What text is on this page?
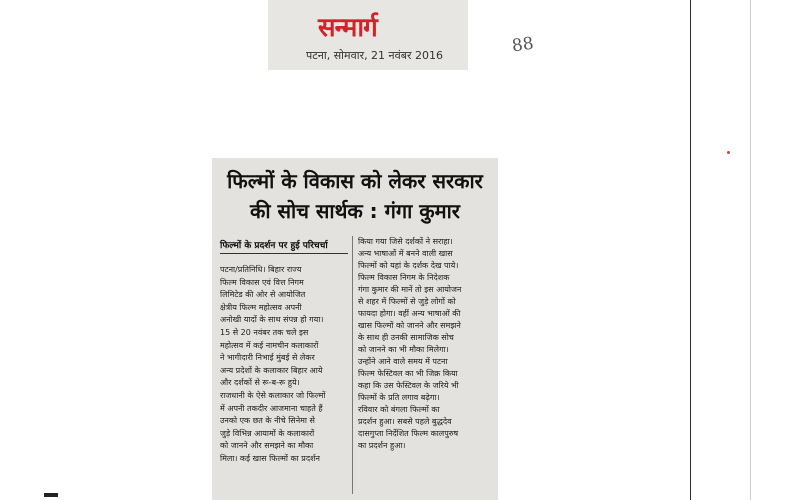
सन्मार्ग
पटना, सोमवार, 21 नवंबर 2016	88
फिल्मों के विकास को लेकर सरकार
की सोच सार्थक : गंगा कुमार
फिल्मों के प्रदर्शन पर हुई परिचर्चा
पटना/प्रतिनिधि। बिहार राज्य
फिल्म विकास एवं वित्त निगम
लिमिटेड की ओर से आयोजित
क्षेत्रीय फिल्म महोत्सव अपनी
अनोखी यादों के साथ संपन्न हो गया।
15 से 20 नवंबर तक चले इस
महोत्सव में कई नामचीन कलाकारों
ने भागीदारी निभाई मुंबई से लेकर
अन्य प्रदेशों के कलाकार बिहार आये
और दर्शकों से रू-ब-रू हुये।
राजधानी के ऐसे कलाकार जो फिल्मों
में अपनी तकदीर आजमाना चाहते हैं
उनको एक छत के नीचे सिनेमा से
जुड़े विभिन्न आयामों के कलाकारों
को जानने और समझने का मौका
मिला। कई खास फिल्मों का प्रदर्शन
किया गया जिसे दर्शकों ने सराहा।
अन्य भाषाओं में बनने वाली खास
फिल्मों को यहां के दर्शक देख पाये।
फिल्म विकास निगम के निदेशक
गंगा कुमार की मानें तो इस आयोजन
से शहर में फिल्मों से जुड़े लोगों को
फायदा होगा। वहीं अन्य भाषाओं की
खास फिल्मों को जानने और समझने
के साथ ही उनकी सामाजिक सोच
को जानने का भी मौका मिलेगा।
उन्होंने आने वाले समय में पटना
फिल्म फेस्टिवल का भी जिक्र किया
कहा कि उस फेस्टिवल के जरिये भी
फिल्मों के प्रति लगाव बढ़ेगा।
रविवार को बंगला फिल्मों का
प्रदर्शन हुआ। सबसे पहले बुद्धदेव
दासगुप्ता निर्देशित फिल्म कालपुरुष
का प्रदर्शन हुआ।
